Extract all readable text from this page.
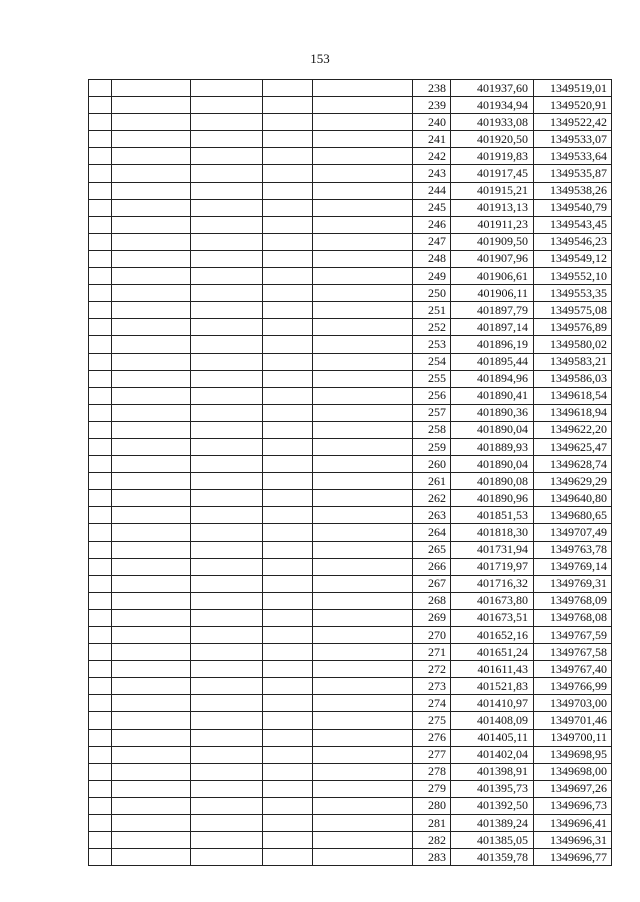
153
					238	401937,60	1349519,01
					239	401934,94	1349520,91
					240	401933,08	1349522,42
					241	401920,50	1349533,07
					242	401919,83	1349533,64
					243	401917,45	1349535,87
					244	401915,21	1349538,26
					245	401913,13	1349540,79
					246	401911,23	1349543,45
					247	401909,50	1349546,23
					248	401907,96	1349549,12
					249	401906,61	1349552,10
					250	401906,11	1349553,35
					251	401897,79	1349575,08
					252	401897,14	1349576,89
					253	401896,19	1349580,02
					254	401895,44	1349583,21
					255	401894,96	1349586,03
					256	401890,41	1349618,54
					257	401890,36	1349618,94
					258	401890,04	1349622,20
					259	401889,93	1349625,47
					260	401890,04	1349628,74
					261	401890,08	1349629,29
					262	401890,96	1349640,80
					263	401851,53	1349680,65
					264	401818,30	1349707,49
					265	401731,94	1349763,78
					266	401719,97	1349769,14
					267	401716,32	1349769,31
					268	401673,80	1349768,09
					269	401673,51	1349768,08
					270	401652,16	1349767,59
					271	401651,24	1349767,58
					272	401611,43	1349767,40
					273	401521,83	1349766,99
					274	401410,97	1349703,00
					275	401408,09	1349701,46
					276	401405,11	1349700,11
					277	401402,04	1349698,95
					278	401398,91	1349698,00
					279	401395,73	1349697,26
					280	401392,50	1349696,73
					281	401389,24	1349696,41
					282	401385,05	1349696,31
					283	401359,78	1349696,77
